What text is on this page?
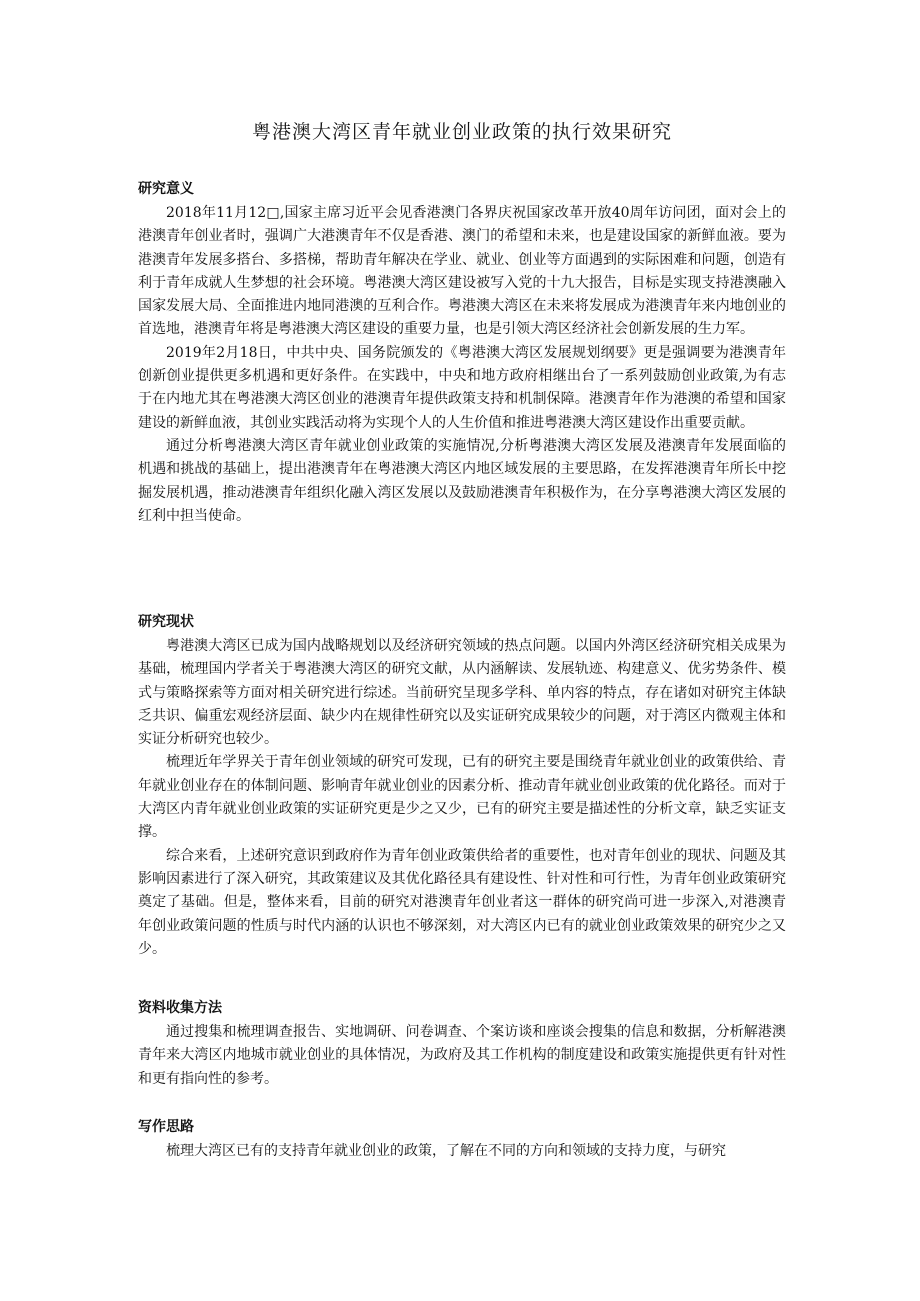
粤港澳大湾区青年就业创业政策的执行效果研究
研究意义

2018年11月12□,国家主席习近平会见香港澳门各界庆祝国家改革开放40周年访问团，面对会上的港澳青年创业者时，强调广大港澳青年不仅是香港、澳门的希望和未来，也是建设国家的新鲜血液。要为港澳青年发展多搭台、多搭梯，帮助青年解决在学业、就业、创业等方面遇到的实际困难和问题，创造有利于青年成就人生梦想的社会环境。粤港澳大湾区建设被写入党的十九大报告，目标是实现支持港澳融入国家发展大局、全面推进内地同港澳的互利合作。粤港澳大湾区在未来将发展成为港澳青年来内地创业的首选地，港澳青年将是粤港澳大湾区建设的重要力量，也是引领大湾区经济社会创新发展的生力军。

2019年2月18日，中共中央、国务院颁发的《粤港澳大湾区发展规划纲要》更是强调要为港澳青年创新创业提供更多机遇和更好条件。在实践中，中央和地方政府相继出台了一系列鼓励创业政策,为有志于在内地尤其在粤港澳大湾区创业的港澳青年提供政策支持和机制保障。港澳青年作为港澳的希望和国家建设的新鲜血液，其创业实践活动将为实现个人的人生价值和推进粤港澳大湾区建设作出重要贡献。

通过分析粤港澳大湾区青年就业创业政策的实施情况,分析粤港澳大湾区发展及港澳青年发展面临的机遇和挑战的基础上，提出港澳青年在粤港澳大湾区内地区域发展的主要思路，在发挥港澳青年所长中挖掘发展机遇，推动港澳青年组织化融入湾区发展以及鼓励港澳青年积极作为，在分享粤港澳大湾区发展的红利中担当使命。

研究现状

粤港澳大湾区已成为国内战略规划以及经济研究领域的热点问题。以国内外湾区经济研究相关成果为基础，梳理国内学者关于粤港澳大湾区的研究文献，从内涵解读、发展轨迹、构建意义、优劣势条件、模式与策略探索等方面对相关研究进行综述。当前研究呈现多学科、单内容的特点，存在诸如对研究主体缺乏共识、偏重宏观经济层面、缺少内在规律性研究以及实证研究成果较少的问题，对于湾区内微观主体和实证分析研究也较少。

梳理近年学界关于青年创业领域的研究可发现，已有的研究主要是围绕青年就业创业的政策供给、青年就业创业存在的体制问题、影响青年就业创业的因素分析、推动青年就业创业政策的优化路径。而对于大湾区内青年就业创业政策的实证研究更是少之又少，已有的研究主要是描述性的分析文章，缺乏实证支撑。

综合来看，上述研究意识到政府作为青年创业政策供给者的重要性，也对青年创业的现状、问题及其影响因素进行了深入研究，其政策建议及其优化路径具有建设性、针对性和可行性，为青年创业政策研究奠定了基础。但是，整体来看，目前的研究对港澳青年创业者这一群体的研究尚可进一步深入,对港澳青年创业政策问题的性质与时代内涵的认识也不够深刻，对大湾区内已有的就业创业政策效果的研究少之又少。

资料收集方法

通过搜集和梳理调查报告、实地调研、问卷调查、个案访谈和座谈会搜集的信息和数据，分析解港澳青年来大湾区内地城市就业创业的具体情况，为政府及其工作机构的制度建设和政策实施提供更有针对性和更有指向性的参考。

写作思路

梳理大湾区已有的支持青年就业创业的政策，了解在不同的方向和领域的支持力度，与研究
